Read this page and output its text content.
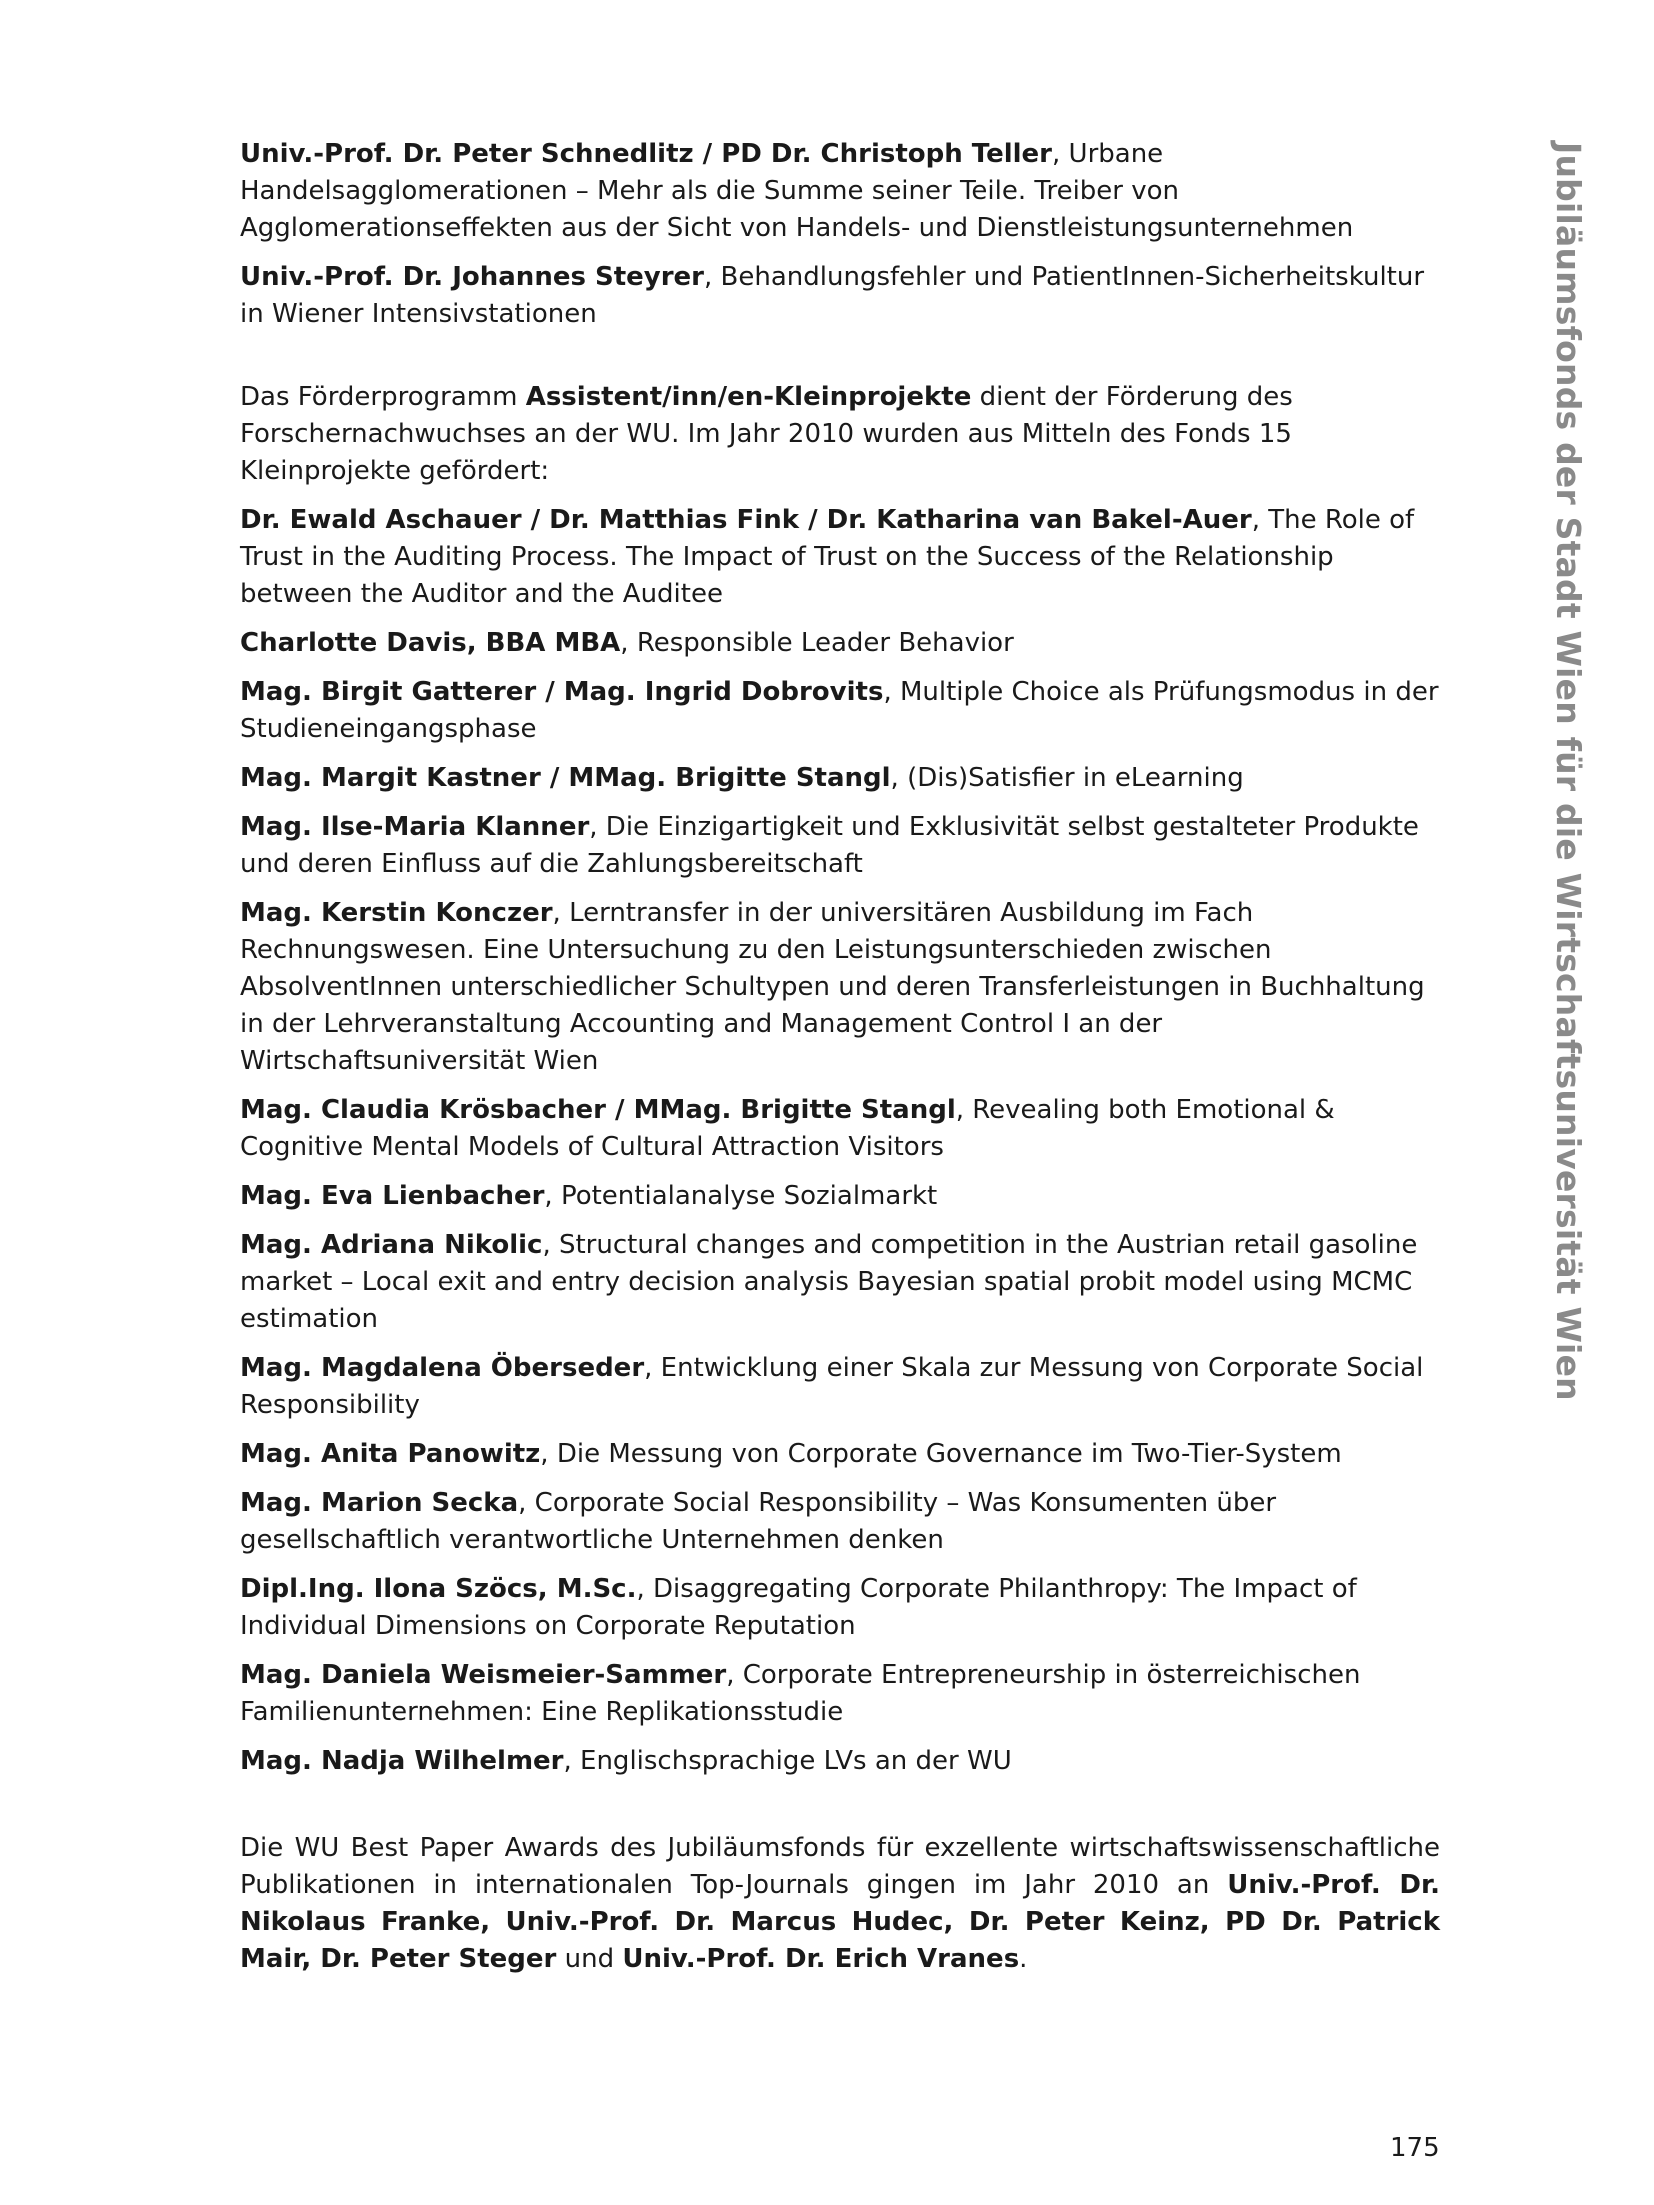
Jubiläumsfonds der Stadt Wien für die Wirtschaftsuniversität Wien

Univ.-Prof. Dr. Peter Schnedlitz / PD Dr. Christoph Teller, Urbane Handelsagglomerationen – Mehr als die Summe seiner Teile. Treiber von Agglomerationseffekten aus der Sicht von Handels- und Dienstleistungsunternehmen

Univ.-Prof. Dr. Johannes Steyrer, Behandlungsfehler und PatientInnen-Sicherheitskultur in Wiener Intensivstationen

Das Förderprogramm Assistent/inn/en-Kleinprojekte dient der Förderung des Forschernachwuchses an der WU. Im Jahr 2010 wurden aus Mitteln des Fonds 15 Kleinprojekte gefördert:

Dr. Ewald Aschauer / Dr. Matthias Fink / Dr. Katharina van Bakel-Auer, The Role of Trust in the Auditing Process. The Impact of Trust on the Success of the Relationship between the Auditor and the Auditee

Charlotte Davis, BBA MBA, Responsible Leader Behavior

Mag. Birgit Gatterer / Mag. Ingrid Dobrovits, Multiple Choice als Prüfungsmodus in der Studieneingangsphase

Mag. Margit Kastner / MMag. Brigitte Stangl, (Dis)Satisfier in eLearning

Mag. Ilse-Maria Klanner, Die Einzigartigkeit und Exklusivität selbst gestalteter Produkte und deren Einfluss auf die Zahlungsbereitschaft

Mag. Kerstin Konczer, Lerntransfer in der universitären Ausbildung im Fach Rechnungswesen. Eine Untersuchung zu den Leistungsunterschieden zwischen AbsolventInnen unterschiedlicher Schultypen und deren Transferleistungen in Buchhaltung in der Lehrveranstaltung Accounting and Management Control I an der Wirtschaftsuniversität Wien

Mag. Claudia Krösbacher / MMag. Brigitte Stangl, Revealing both Emotional & Cognitive Mental Models of Cultural Attraction Visitors

Mag. Eva Lienbacher, Potentialanalyse Sozialmarkt

Mag. Adriana Nikolic, Structural changes and competition in the Austrian retail gasoline market – Local exit and entry decision analysis Bayesian spatial probit model using MCMC estimation

Mag. Magdalena Öberseder, Entwicklung einer Skala zur Messung von Corporate Social Responsibility

Mag. Anita Panowitz, Die Messung von Corporate Governance im Two-Tier-System

Mag. Marion Secka, Corporate Social Responsibility – Was Konsumenten über gesellschaftlich verantwortliche Unternehmen denken

Dipl.Ing. Ilona Szöcs, M.Sc., Disaggregating Corporate Philanthropy: The Impact of Individual Dimensions on Corporate Reputation

Mag. Daniela Weismeier-Sammer, Corporate Entrepreneurship in österreichischen Familienunternehmen: Eine Replikationsstudie

Mag. Nadja Wilhelmer, Englischsprachige LVs an der WU

Die WU Best Paper Awards des Jubiläumsfonds für exzellente wirtschaftswissenschaftliche Publikationen in internationalen Top-Journals gingen im Jahr 2010 an Univ.-Prof. Dr. Nikolaus Franke, Univ.-Prof. Dr. Marcus Hudec, Dr. Peter Keinz, PD Dr. Patrick Mair, Dr. Peter Steger und Univ.-Prof. Dr. Erich Vranes.

175
